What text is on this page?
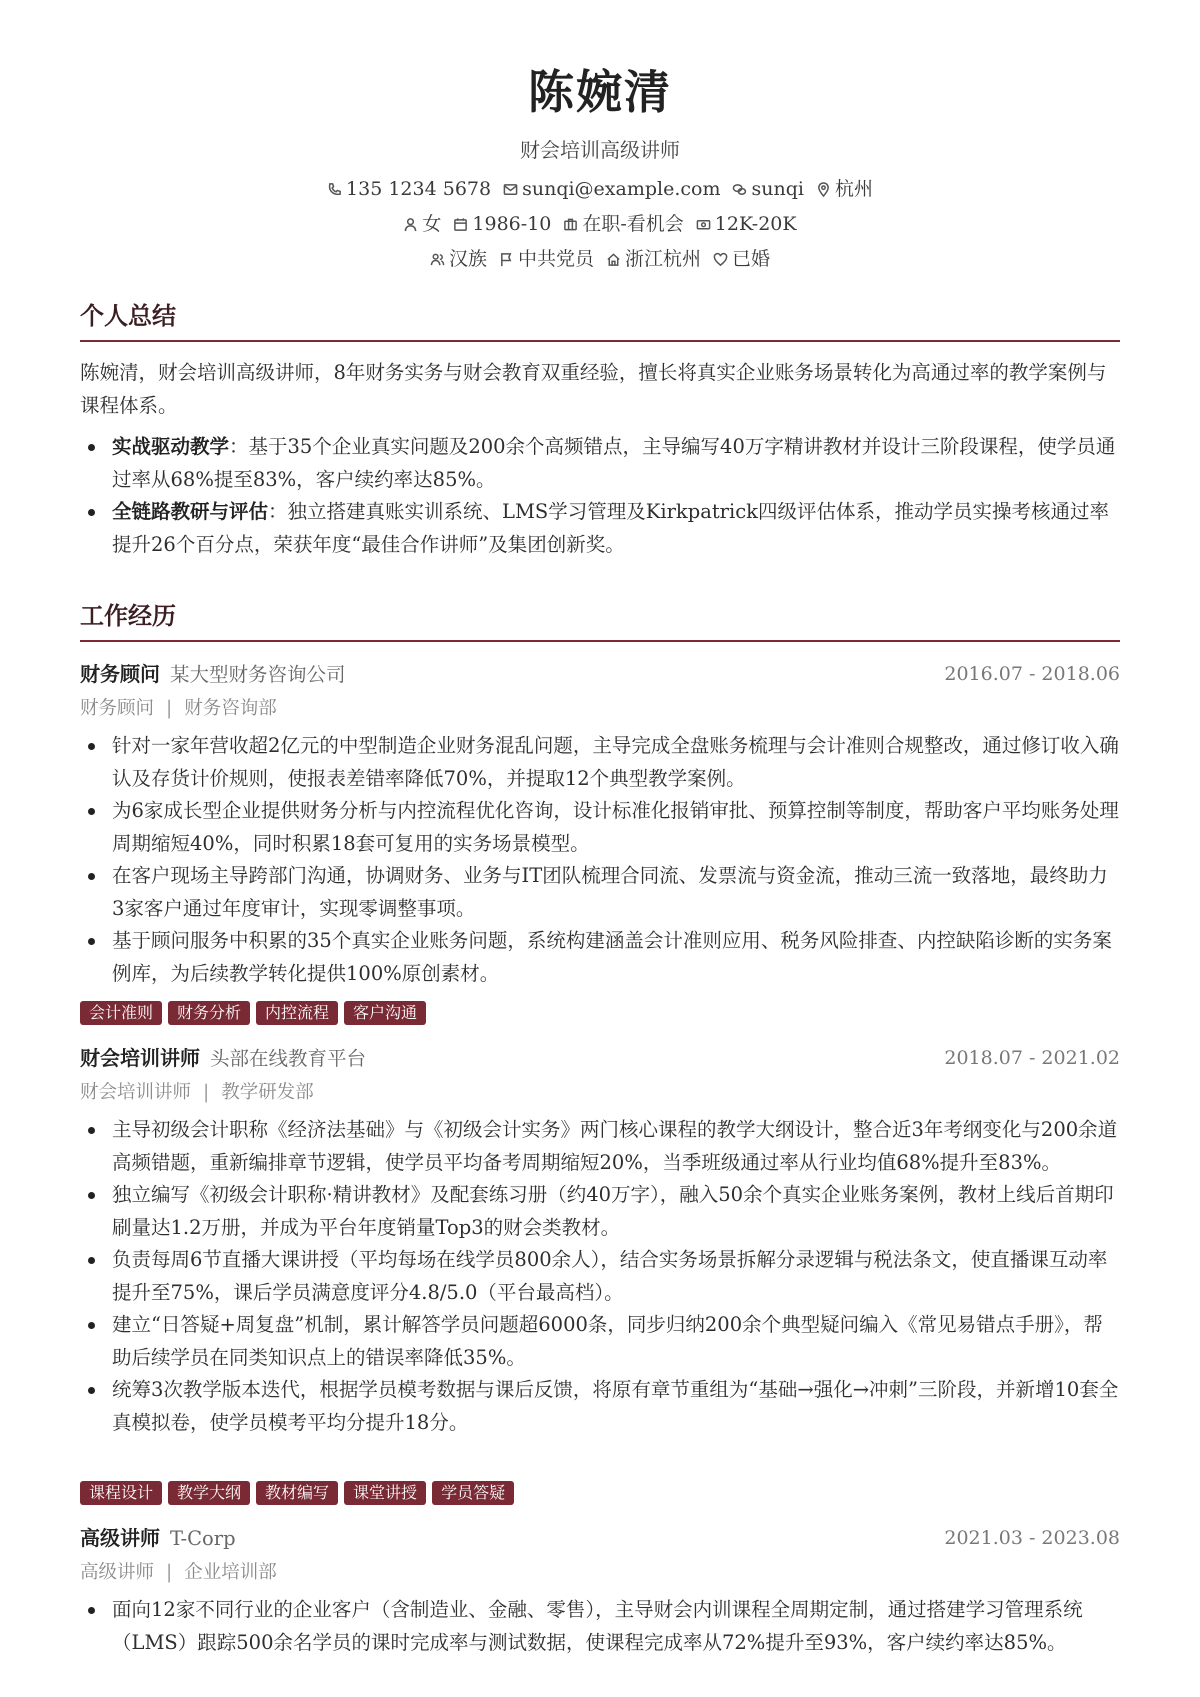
陈婉清
财会培训高级讲师
135 1234 5678 sunqi@example.com sunqi 杭州
女 1986-10 在职-看机会 12K-20K
汉族 中共党员 浙江杭州 已婚
个人总结
陈婉清，财会培训高级讲师，8年财务实务与财会教育双重经验，擅长将真实企业账务场景转化为高通过率的教学案例与课程体系。
实战驱动教学：基于35个企业真实问题及200余个高频错点，主导编写40万字精讲教材并设计三阶段课程，使学员通过率从68%提至83%，客户续约率达85%。
全链路教研与评估：独立搭建真账实训系统、LMS学习管理及Kirkpatrick四级评估体系，推动学员实操考核通过率提升26个百分点，荣获年度“最佳合作讲师”及集团创新奖。
工作经历
财务顾问 某大型财务咨询公司	2016.07 - 2018.06
财务顾问 | 财务咨询部
针对一家年营收超2亿元的中型制造企业财务混乱问题，主导完成全盘账务梳理与会计准则合规整改，通过修订收入确认及存货计价规则，使报表差错率降低70%，并提取12个典型教学案例。
为6家成长型企业提供财务分析与内控流程优化咨询，设计标准化报销审批、预算控制等制度，帮助客户平均账务处理周期缩短40%，同时积累18套可复用的实务场景模型。
在客户现场主导跨部门沟通，协调财务、业务与IT团队梳理合同流、发票流与资金流，推动三流一致落地，最终助力3家客户通过年度审计，实现零调整事项。
基于顾问服务中积累的35个真实企业账务问题，系统构建涵盖会计准则应用、税务风险排查、内控缺陷诊断的实务案例库，为后续教学转化提供100%原创素材。
会计准则	财务分析	内控流程	客户沟通
财会培训讲师 头部在线教育平台	2018.07 - 2021.02
财会培训讲师 | 教学研发部
主导初级会计职称《经济法基础》与《初级会计实务》两门核心课程的教学大纲设计，整合近3年考纲变化与200余道高频错题，重新编排章节逻辑，使学员平均备考周期缩短20%，当季班级通过率从行业均值68%提升至83%。
独立编写《初级会计职称·精讲教材》及配套练习册（约40万字），融入50余个真实企业账务案例，教材上线后首期印刷量达1.2万册，并成为平台年度销量Top3的财会类教材。
负责每周6节直播大课讲授（平均每场在线学员800余人），结合实务场景拆解分录逻辑与税法条文，使直播课互动率提升至75%，课后学员满意度评分4.8/5.0（平台最高档）。
建立“日答疑+周复盘”机制，累计解答学员问题超6000条，同步归纳200余个典型疑问编入《常见易错点手册》，帮助后续学员在同类知识点上的错误率降低35%。
统筹3次教学版本迭代，根据学员模考数据与课后反馈，将原有章节重组为“基础→强化→冲刺”三阶段，并新增10套全真模拟卷，使学员模考平均分提升18分。
课程设计	教学大纲	教材编写	课堂讲授	学员答疑
高级讲师 T-Corp	2021.03 - 2023.08
高级讲师 | 企业培训部
面向12家不同行业的企业客户（含制造业、金融、零售），主导财会内训课程全周期定制，通过搭建学习管理系统（LMS）跟踪500余名学员的课时完成率与测试数据，使课程完成率从72%提升至93%，客户续约率达85%。
